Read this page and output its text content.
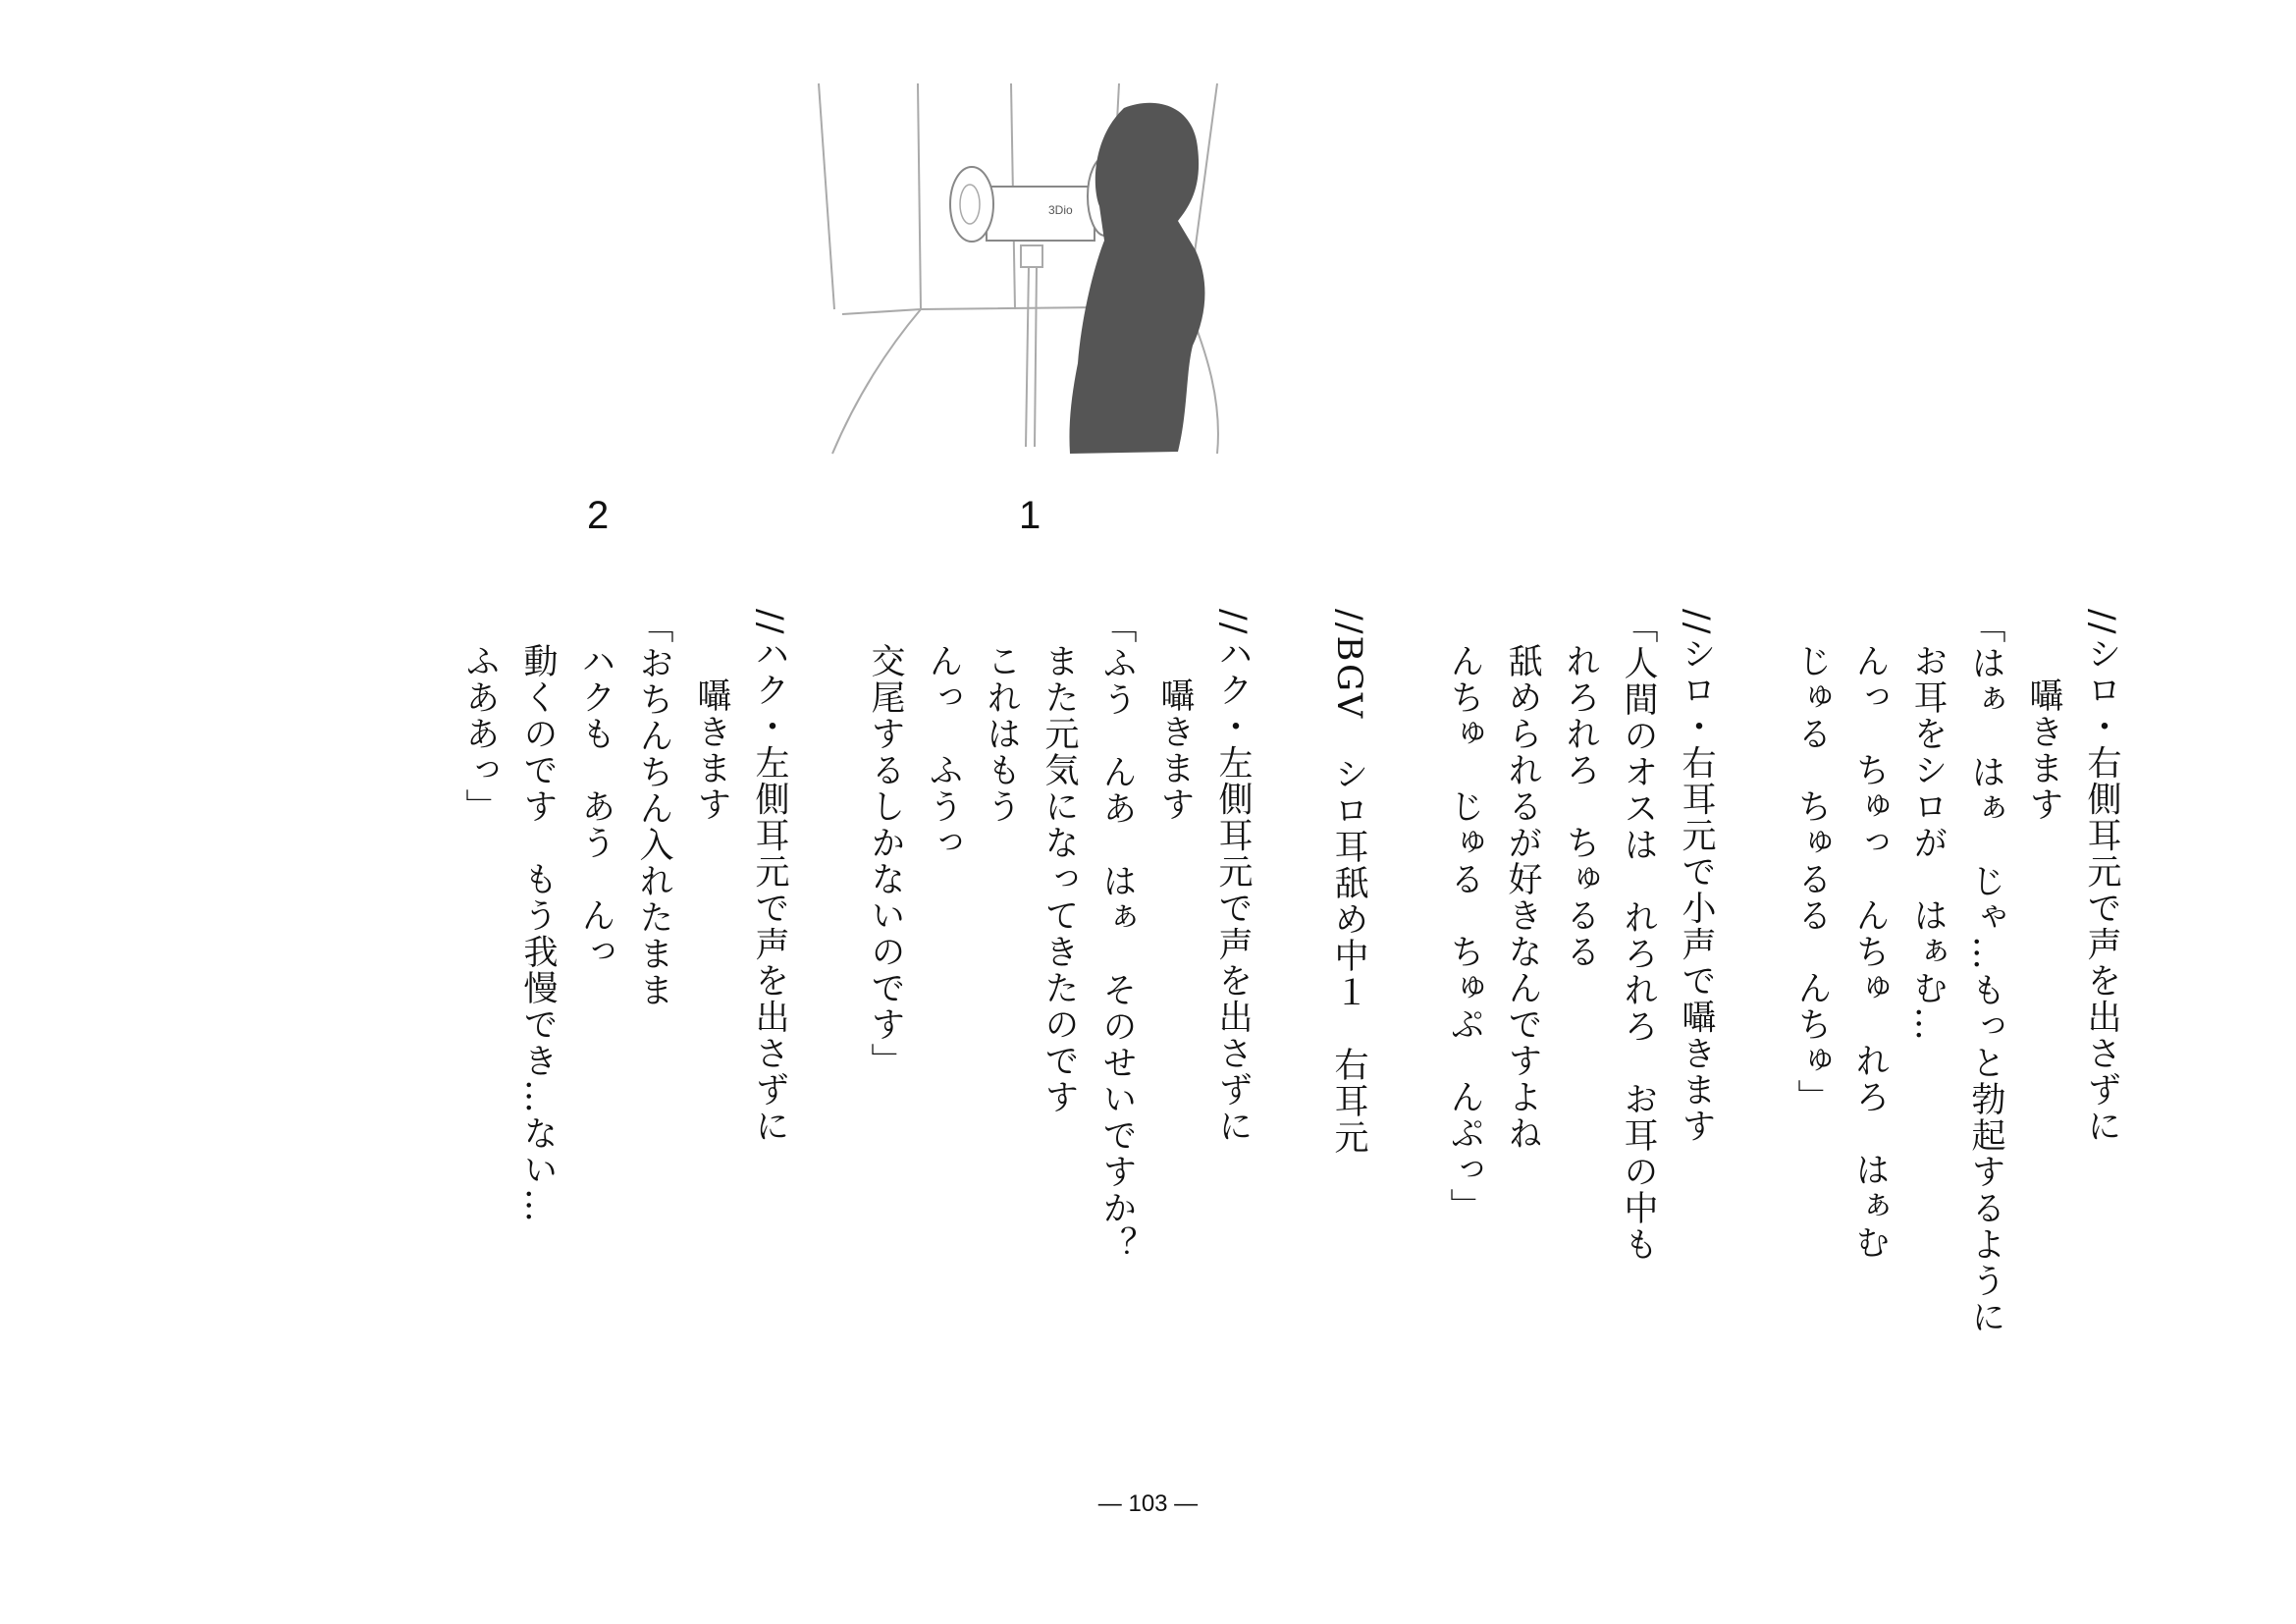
3Dio
2	1
//シロ・右側耳元で声を出さずに
囁きます
「はぁ　はぁ　じゃ…もっと勃起するように
お耳をシロが　はぁむ…
んっ　ちゅっ　んちゅ　れろ　はぁむ
じゅる　ちゅるる　んちゅ」

//シロ・右耳元で小声で囁きます
「人間のオスは　れろれろ　お耳の中も
れろれろ　ちゅるる
舐められるが好きなんですよね
んちゅ　じゅる　ちゅぷ　んぷっ」

//BGV　シロ耳舐め中１　右耳元

//ハク・左側耳元で声を出さずに
囁きます
「ふう　んあ　はぁ　そのせいですか？
また元気になってきたのです
これはもう
んっ　ふうっ
交尾するしかないのです」

//ハク・左側耳元で声を出さずに
囁きます
「おちんちん入れたまま
ハクも　あう　んっ
動くのです　もう我慢でき…ない…
ふああっ」
― 103 ―
